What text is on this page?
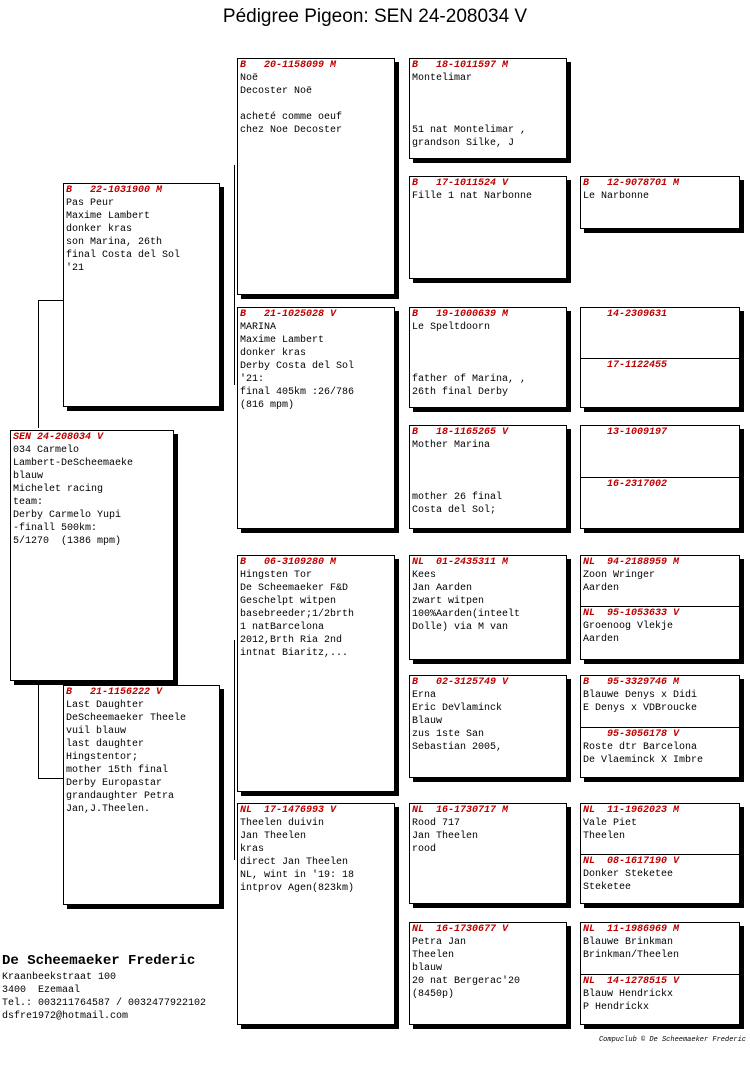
Pédigree Pigeon: SEN 24-208034 V
SEN 24-208034 V
034 Carmelo
Lambert-DeScheemaeke
blauw
Michelet racing
team:
Derby Carmelo Yupi
-finall 500km:
5/1270  (1386 mpm)
B   22-1031900 M
Pas Peur
Maxime Lambert
donker kras
son Marina, 26th
final Costa del Sol
'21
B   21-1156222 V
Last Daughter
DeScheemaeker Theele
vuil blauw
last daughter
Hingstentor;
mother 15th final
Derby Europastar
grandaughter Petra
Jan,J.Theelen.
B   20-1158099 M
Noë
Decoster Noë

acheté comme oeuf
chez Noe Decoster
B   21-1025028 V
MARINA
Maxime Lambert
donker kras
Derby Costa del Sol
'21:
final 405km :26/786
(816 mpm)
B   06-3109280 M
Hingsten Tor
De Scheemaeker F&D
Geschelpt witpen
basebreeder;1/2brth
1 natBarcelona
2012,Brth Ria 2nd
intnat Biaritz,...
NL  17-1476993 V
Theelen duivin
Jan Theelen
kras
direct Jan Theelen
NL, wint in '19: 18
intprov Agen(823km)
B   18-1011597 M
Montelimar

51 nat Montelimar ,
grandson Silke, J
B   17-1011524 V
Fille 1 nat Narbonne
B   19-1000639 M
Le Speltdoorn

father of Marina, ,
26th final Derby
B   18-1165265 V
Mother Marina

mother 26 final
Costa del Sol;
NL  01-2435311 M
Kees
Jan Aarden
zwart witpen
100%Aarden(inteelt
Dolle) via M van
B   02-3125749 V
Erna
Eric DeVlaminck
Blauw
zus 1ste San
Sebastian 2005,
NL  16-1730717 M
Rood 717
Jan Theelen
rood
NL  16-1730677 V
Petra Jan
Theelen
blauw
20 nat Bergerac'20
(8450p)
B   12-9078701 M
Le Narbonne
14-2309631
17-1122455
13-1009197
16-2317002
NL  94-2188959 M
Zoon Wringer
Aarden
NL  95-1053633 V
Groenoog Vlekje
Aarden
B   95-3329746 M
Blauwe Denys x Didi
E Denys x VDBroucke
95-3056178 V
Roste dtr Barcelona
De Vlaeminck X Imbre
NL  11-1962023 M
Vale Piet
Theelen
NL  08-1617190 V
Donker Steketee
Steketee
NL  11-1986969 M
Blauwe Brinkman
Brinkman/Theelen
NL  14-1278515 V
Blauw Hendrickx
P Hendrickx
De Scheemaeker Frederic
Kraanbeekstraat 100
3400  Ezemaal
Tel.: 003211764587 / 0032477922102
dsfre1972@hotmail.com
Compuclub © De Scheemaeker Frederic
